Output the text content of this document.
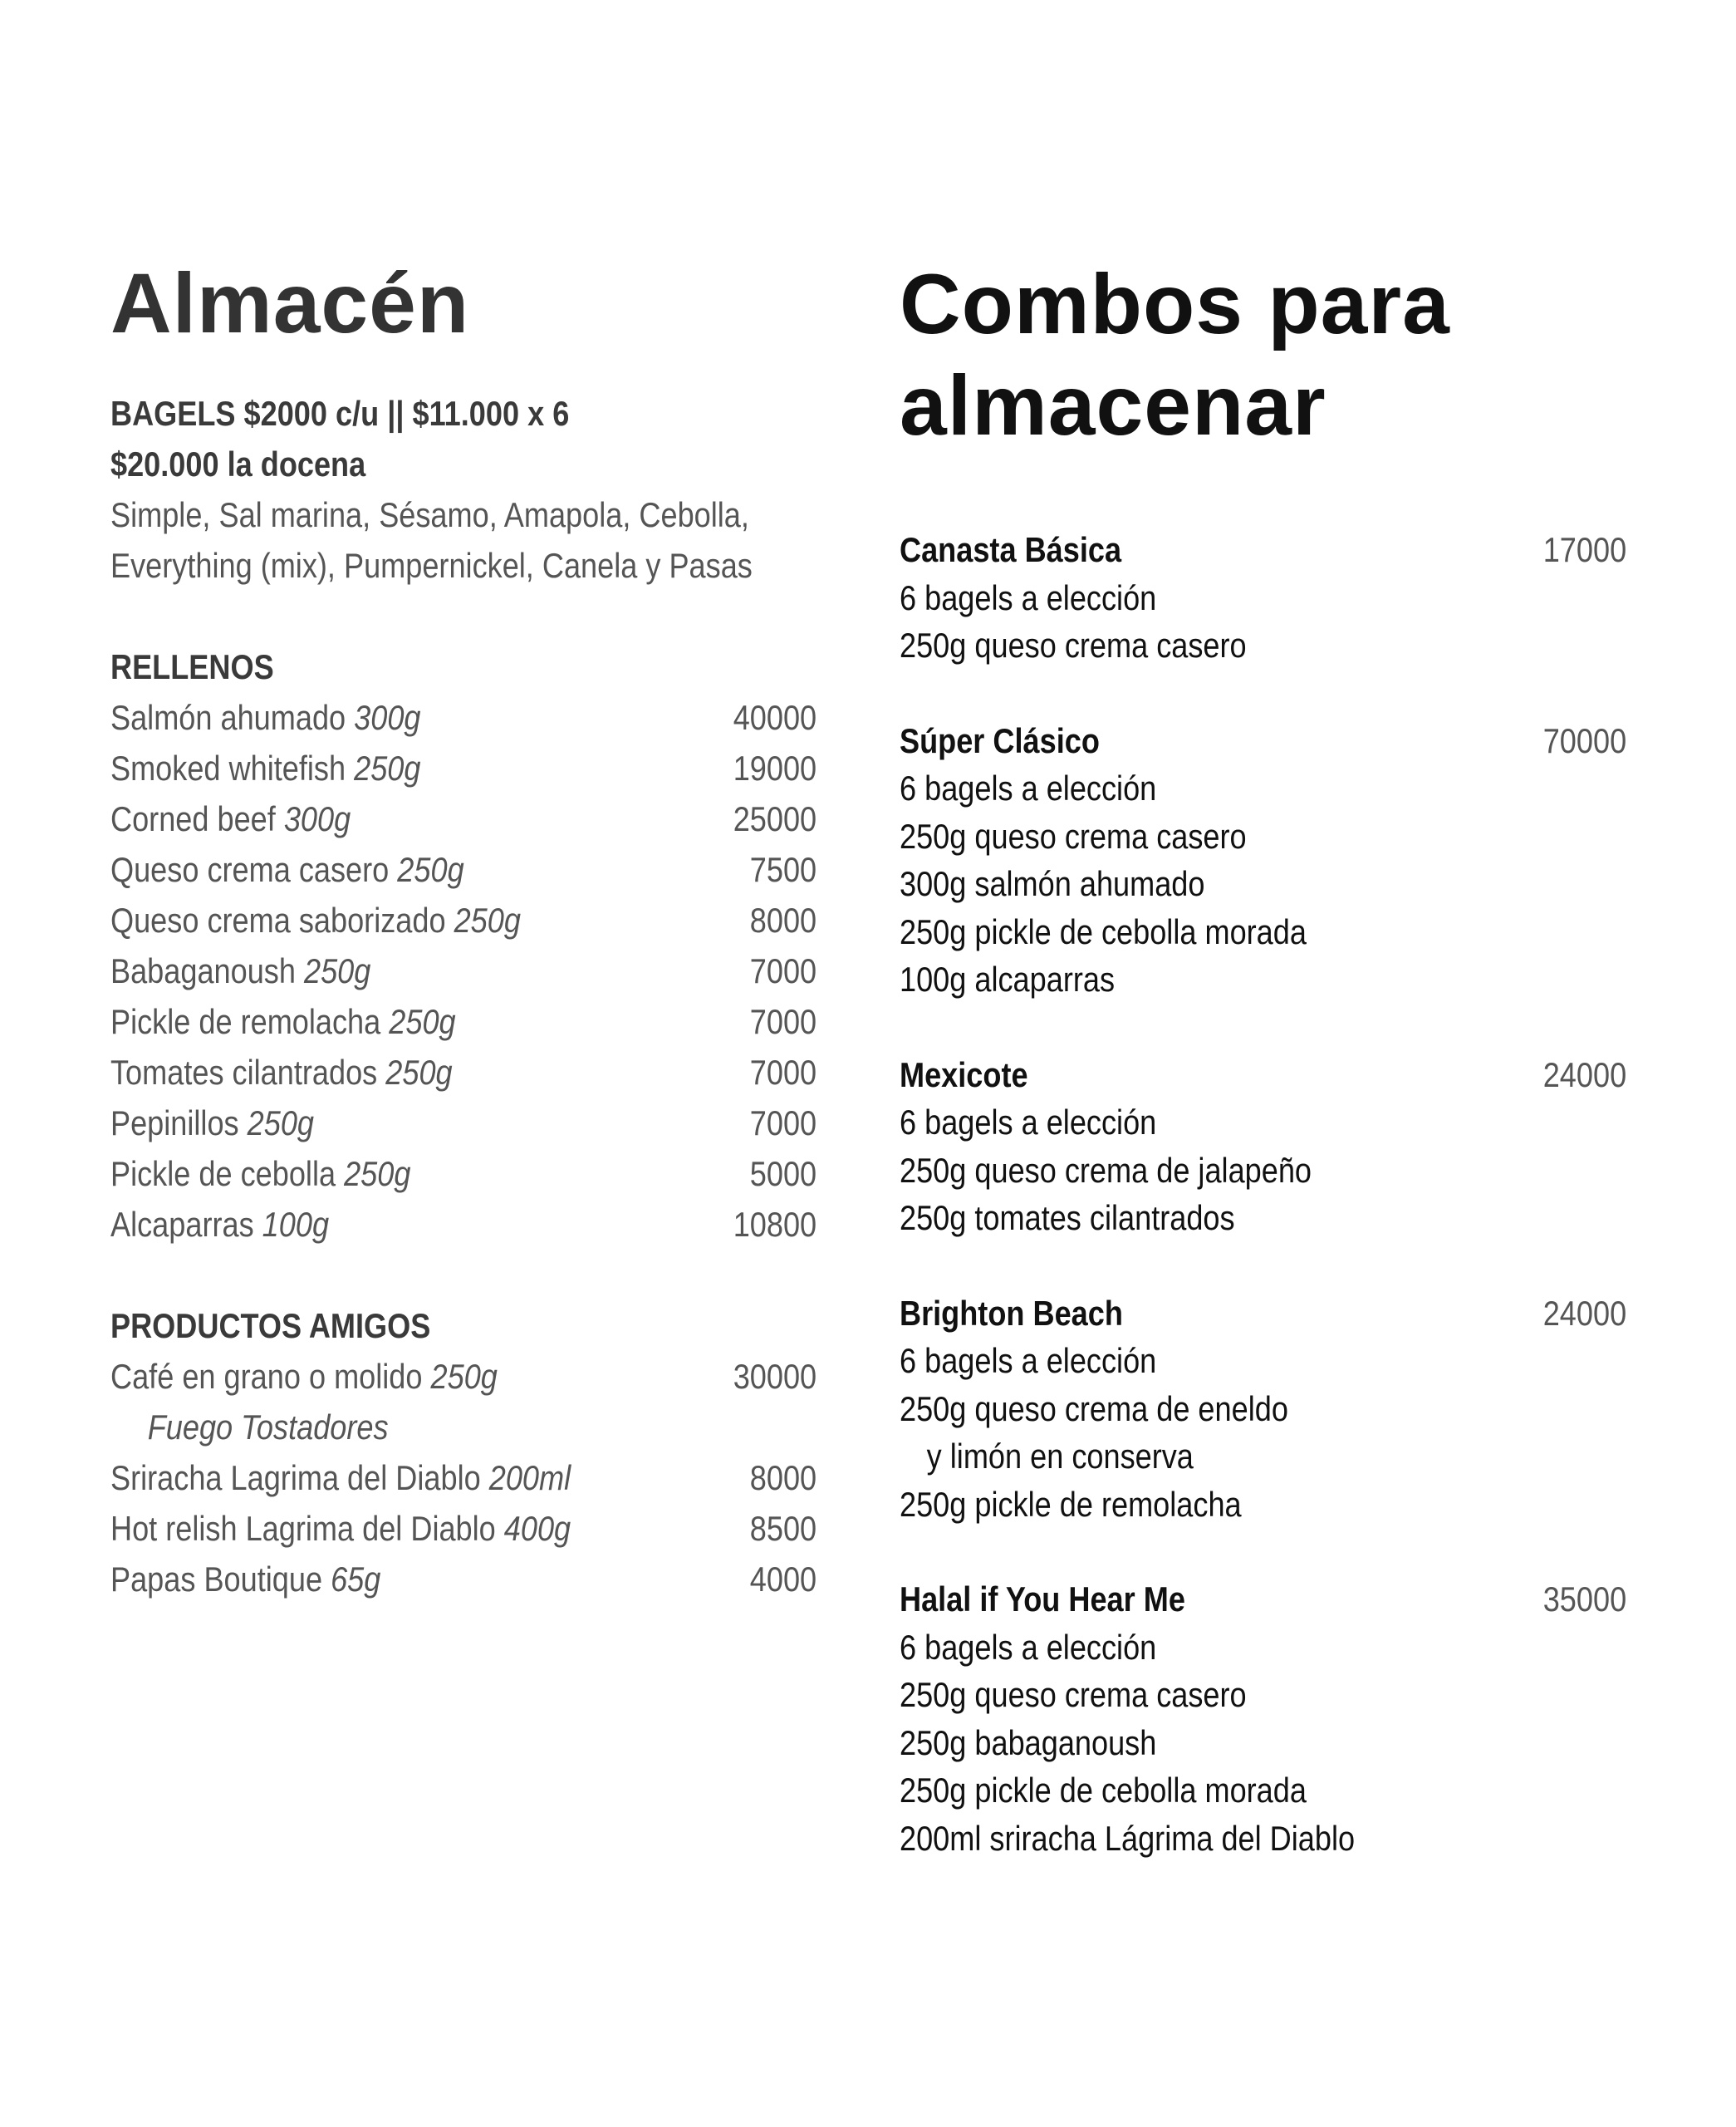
Almacén
BAGELS $2000 c/u || $11.000 x 6
$20.000 la docena
Simple, Sal marina, Sésamo, Amapola, Cebolla,
Everything (mix), Pumpernickel, Canela y Pasas
RELLENOS
Salmón ahumado 300g	40000
Smoked whitefish 250g	19000
Corned beef 300g	25000
Queso crema casero 250g	7500
Queso crema saborizado 250g	8000
Babaganoush 250g	7000
Pickle de remolacha 250g	7000
Tomates cilantrados 250g	7000
Pepinillos 250g	7000
Pickle de cebolla 250g	5000
Alcaparras 100g	10800
PRODUCTOS AMIGOS
Café en grano o molido 250g	30000
Fuego Tostadores
Sriracha Lagrima del Diablo 200ml	8000
Hot relish Lagrima del Diablo 400g	8500
Papas Boutique 65g	4000
Combos para
almacenar
Canasta Básica	17000
6 bagels a elección
250g queso crema casero
Súper Clásico	70000
6 bagels a elección
250g queso crema casero
300g salmón ahumado
250g pickle de cebolla morada
100g alcaparras
Mexicote	24000
6 bagels a elección
250g queso crema de jalapeño
250g tomates cilantrados
Brighton Beach	24000
6 bagels a elección
250g queso crema de eneldo
y limón en conserva
250g pickle de remolacha
Halal if You Hear Me	35000
6 bagels a elección
250g queso crema casero
250g babaganoush
250g pickle de cebolla morada
200ml sriracha Lágrima del Diablo
